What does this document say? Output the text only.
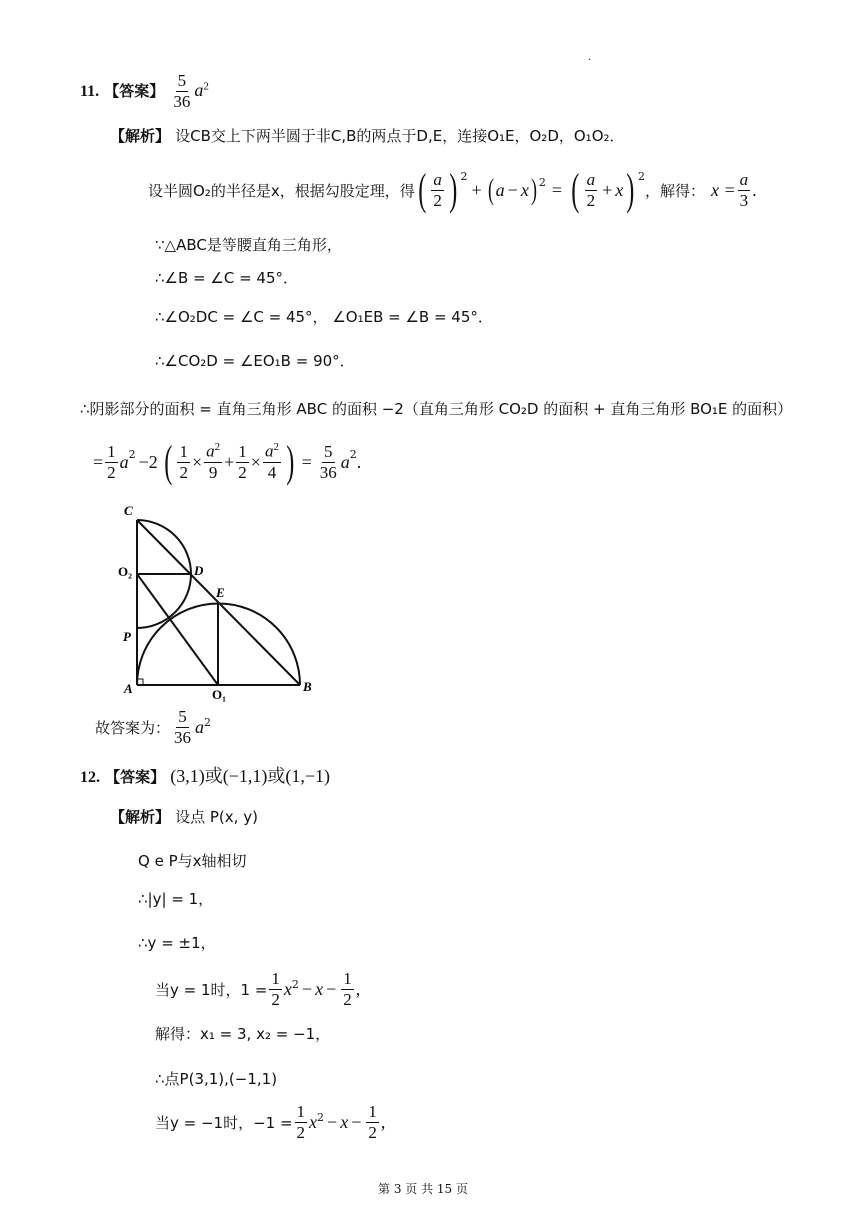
.
11. 【答案】 $\frac{5}{36} a^2$
【解析】 设CB交上下两半圆于非C,B的两点于D,E，连接O₁E，O₂D，O₁O₂．
设半圆O₂的半径是x，根据勾股定理，得 ( $\frac{a}{2}$ ) $^2$
+ ( a − x )$^2$ = ( $\frac{a}{2} + x$ ) $^2$
，解得： $x = \frac{a}{3}$ .
∵△ABC是等腰直角三角形，
∴∠B = ∠C = 45°．
∴∠O₂DC = ∠C = 45°， ∠O₁EB = ∠B = 45°．
∴∠CO₂D = ∠EO₁B = 90°．
∴阴影部分的面积 = 直角三角形 ABC 的面积 −2（直角三角形 CO₂D 的面积 + 直角三角形 BO₁E 的面积）
= $\frac{1}{2} a^2 -2$ ( $\frac{1}{2} \times \frac{a^2}{9} + \frac{1}{2} \times \frac{a^2}{4}$ ) = $\frac{5}{36} a^2$ .
C
O₂	D
E
P
A	O₁
B
故答案为： $\frac{5}{36} a^2$
12. 【答案】 (3,1)或(−1,1)或(1,−1)
【解析】 设点 P(x, y)
Q e P与x轴相切
∴|y| = 1，
∴y = ±1，
当y = 1时，$1 = \frac{1}{2} x^2 - x - \frac{1}{2}$ ,
解得：x₁ = 3, x₂ = −1，
∴点P(3,1),(−1,1)
当y = −1时，$-1 = \frac{1}{2} x^2 - x - \frac{1}{2}$ ,
第 3 页 共 15 页
